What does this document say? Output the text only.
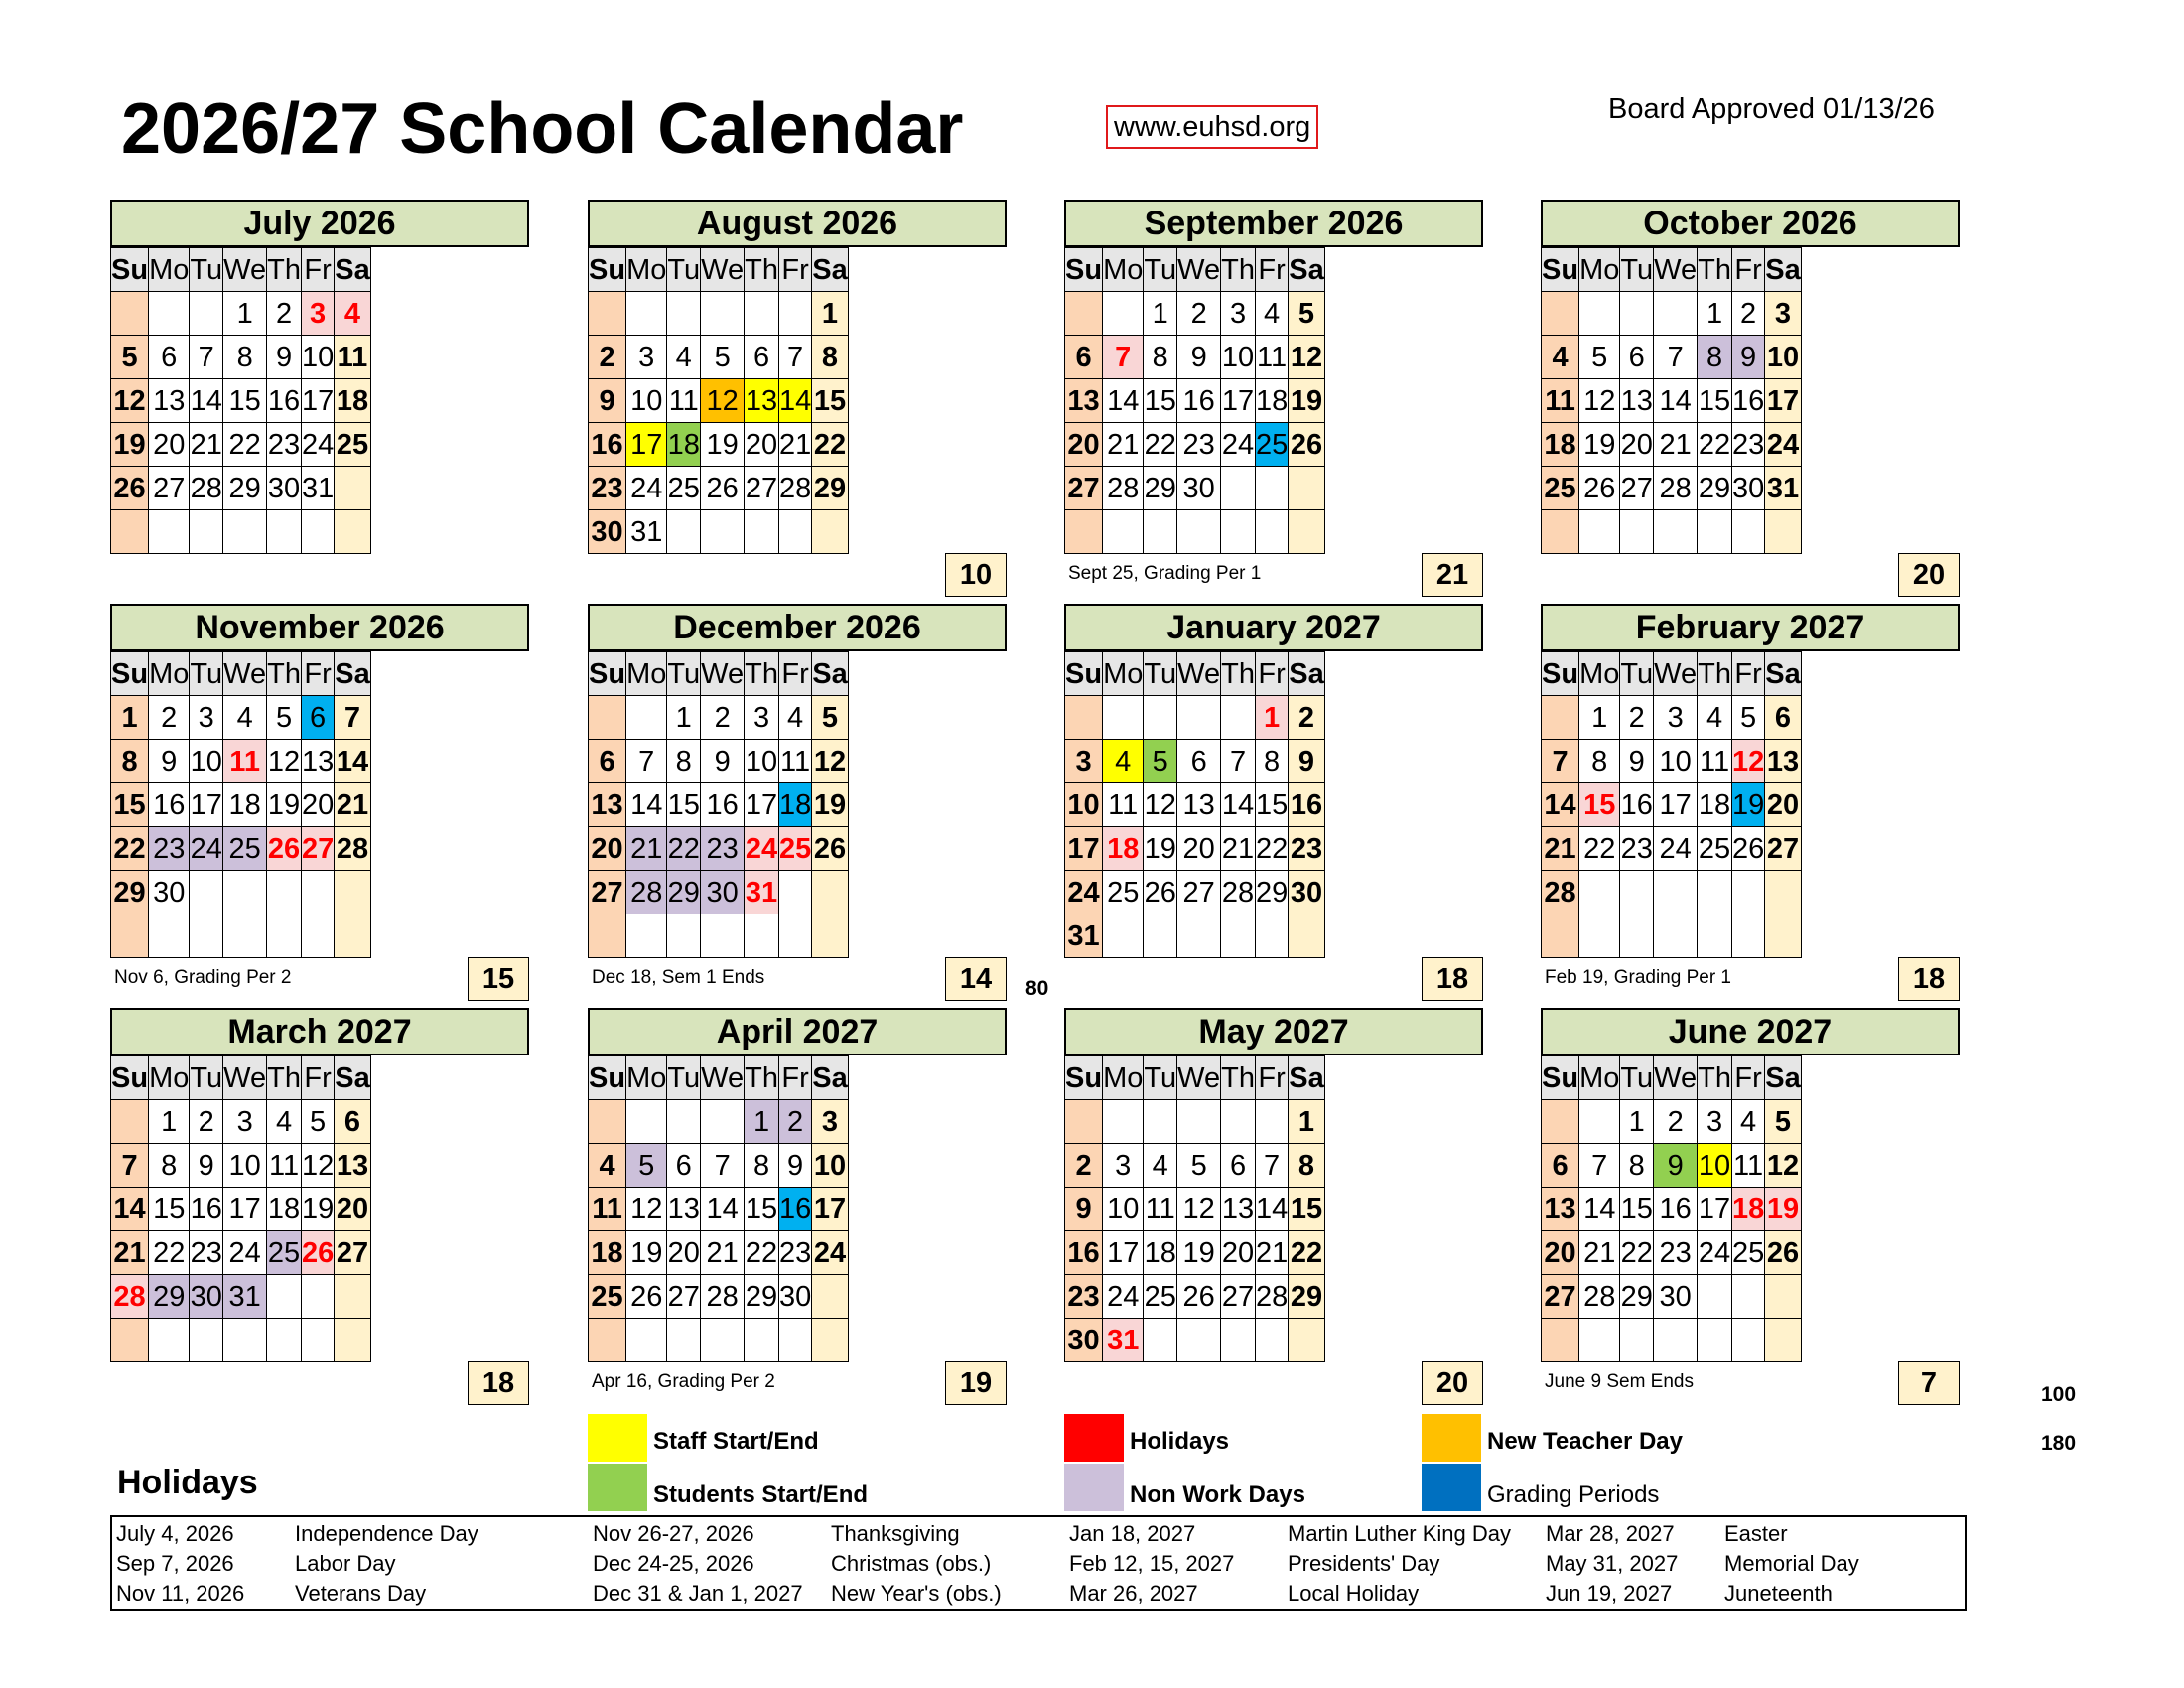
2026/27 School Calendar	www.euhsd.org
Board Approved 01/13/26
July 2026
Su	Mo	Tu	We	Th	Fr	Sa
			1	2	3	4
5	6	7	8	9	10	11
12	13	14	15	16	17	18
19	20	21	22	23	24	25
26	27	28	29	30	31	

August 2026
Su	Mo	Tu	We	Th	Fr	Sa
						1
2	3	4	5	6	7	8
9	10	11	12	13	14	15
16	17	18	19	20	21	22
23	24	25	26	27	28	29
30	31					
10
September 2026
Su	Mo	Tu	We	Th	Fr	Sa
		1	2	3	4	5
6	7	8	9	10	11	12
13	14	15	16	17	18	19
20	21	22	23	24	25	26
27	28	29	30			

Sept 25, Grading Per 1	21
October 2026
Su	Mo	Tu	We	Th	Fr	Sa
				1	2	3
4	5	6	7	8	9	10
11	12	13	14	15	16	17
18	19	20	21	22	23	24
25	26	27	28	29	30	31

20
November 2026
Su	Mo	Tu	We	Th	Fr	Sa
1	2	3	4	5	6	7
8	9	10	11	12	13	14
15	16	17	18	19	20	21
22	23	24	25	26	27	28
29	30					

Nov 6, Grading Per 2	15
December 2026
Su	Mo	Tu	We	Th	Fr	Sa
		1	2	3	4	5
6	7	8	9	10	11	12
13	14	15	16	17	18	19
20	21	22	23	24	25	26
27	28	29	30	31		

Dec 18, Sem 1 Ends	14
January 2027
Su	Mo	Tu	We	Th	Fr	Sa
					1	2
3	4	5	6	7	8	9
10	11	12	13	14	15	16
17	18	19	20	21	22	23
24	25	26	27	28	29	30
31						
18
February 2027
Su	Mo	Tu	We	Th	Fr	Sa
	1	2	3	4	5	6
7	8	9	10	11	12	13
14	15	16	17	18	19	20
21	22	23	24	25	26	27
28						

Feb 19, Grading Per 1	18
March 2027
Su	Mo	Tu	We	Th	Fr	Sa
	1	2	3	4	5	6
7	8	9	10	11	12	13
14	15	16	17	18	19	20
21	22	23	24	25	26	27
28	29	30	31			

18
April 2027
Su	Mo	Tu	We	Th	Fr	Sa
				1	2	3
4	5	6	7	8	9	10
11	12	13	14	15	16	17
18	19	20	21	22	23	24
25	26	27	28	29	30	

Apr 16, Grading Per 2	19
May 2027
Su	Mo	Tu	We	Th	Fr	Sa
						1
2	3	4	5	6	7	8
9	10	11	12	13	14	15
16	17	18	19	20	21	22
23	24	25	26	27	28	29
30	31					
20
June 2027
Su	Mo	Tu	We	Th	Fr	Sa
		1	2	3	4	5
6	7	8	9	10	11	12
13	14	15	16	17	18	19
20	21	22	23	24	25	26
27	28	29	30			

June 9 Sem Ends	7
80
100
180
Staff Start/End
Students Start/End
Holidays
Non Work Days
New Teacher Day
Grading Periods
Holidays
July 4, 2026	Independence Day
Sep 7, 2026	Labor Day
Nov 11, 2026 Veterans Day
Nov 26-27, 2026	Thanksgiving
Dec 24-25, 2026	Christmas (obs.)
Dec 31 & Jan 1, 2027 New Year's (obs.)
Jan 18, 2027	Martin Luther King Day
Feb 12, 15, 2027 Presidents' Day
Mar 26, 2027	Local Holiday
Mar 28, 2027 Easter
May 31, 2027 Memorial Day
Jun 19, 2027 Juneteenth
